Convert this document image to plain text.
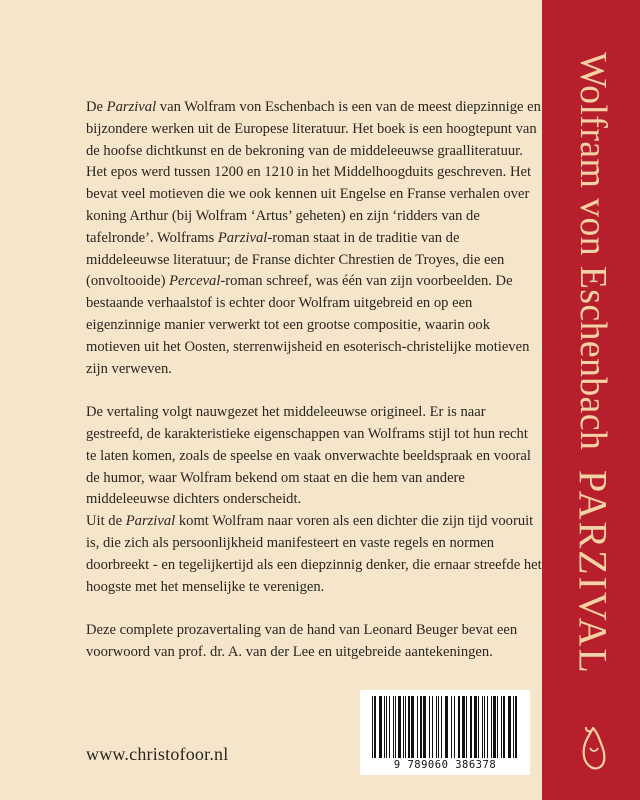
De Parzival van Wolfram von Eschenbach is een van de meest diepzinnige en bijzondere werken uit de Europese literatuur. Het boek is een hoogtepunt van de hoofse dichtkunst en de bekroning van de middeleeuwse graalliteratuur.

Het epos werd tussen 1200 en 1210 in het Middelhoogduits geschreven. Het bevat veel motieven die we ook kennen uit Engelse en Franse verhalen over koning Arthur (bij Wolfram ‘Artus’ geheten) en zijn ‘ridders van de tafelronde’. Wolframs Parzival-roman staat in de traditie van de middeleeuwse literatuur; de Franse dichter Chrestien de Troyes, die een (onvoltooide) Perceval-roman schreef, was één van zijn voorbeelden. De bestaande verhaalstof is echter door Wolfram uitgebreid en op een eigenzinnige manier verwerkt tot een grootse compositie, waarin ook motieven uit het Oosten, sterrenwijsheid en esoterisch-christelijke motieven zijn verweven.

De vertaling volgt nauwgezet het middeleeuwse origineel. Er is naar gestreefd, de karakteristieke eigenschappen van Wolframs stijl tot hun recht te laten komen, zoals de speelse en vaak onverwachte beeldspraak en vooral de humor, waar Wolfram bekend om staat en die hem van andere middeleeuwse dichters onderscheidt.

Uit de Parzival komt Wolfram naar voren als een dichter die zijn tijd vooruit is, die zich als persoonlijkheid manifesteert en vaste regels en normen doorbreekt - en tegelijkertijd als een diepzinnig denker, die ernaar streefde het hoogste met het menselijke te verenigen.

Deze complete prozavertaling van de hand van Leonard Beuger bevat een voorwoord van prof. dr. A. van der Lee en uitgebreide aantekeningen.

www.christofoor.nl
9 789060 386378
Wolfram von Eschenbach
PARZIVAL
